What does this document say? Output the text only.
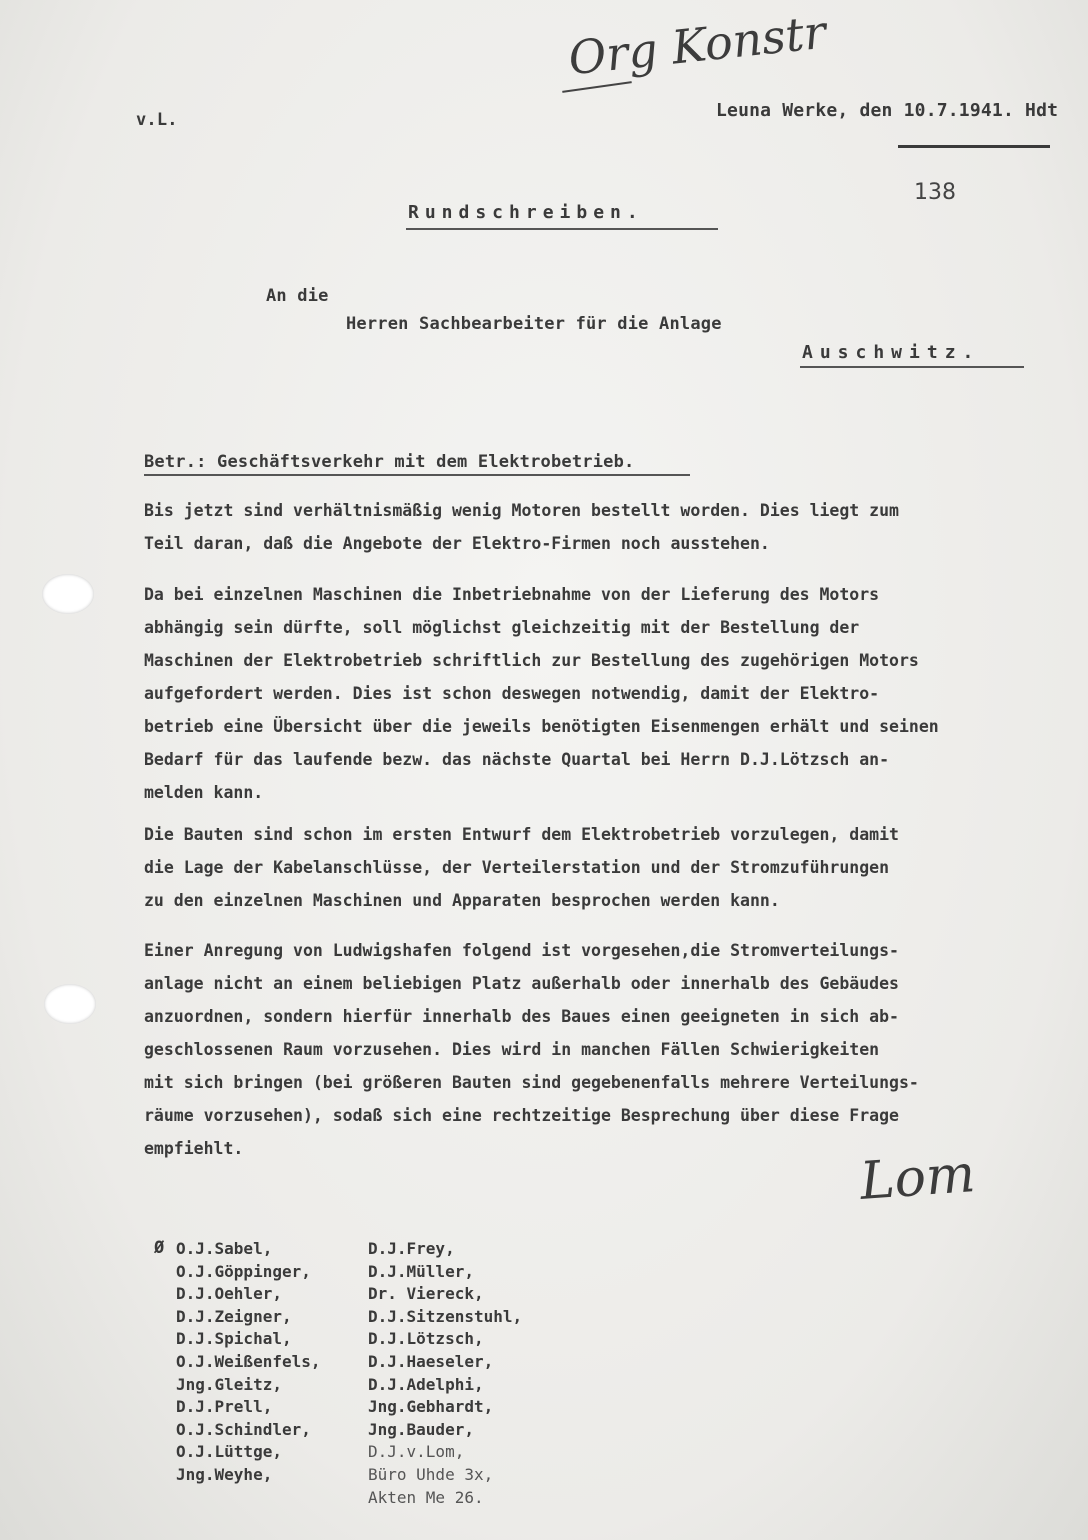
Org Konstr
v.L.	Leuna Werke, den 10.7.1941. Hdt
138
Rundschreiben.
An die
Herren Sachbearbeiter für die Anlage
Auschwitz.
Betr.: Geschäftsverkehr mit dem Elektrobetrieb.
Bis jetzt sind verhältnismäßig wenig Motoren bestellt worden. Dies liegt zum
Teil daran, daß die Angebote der Elektro-Firmen noch ausstehen.
Da bei einzelnen Maschinen die Inbetriebnahme von der Lieferung des Motors
abhängig sein dürfte, soll möglichst gleichzeitig mit der Bestellung der
Maschinen der Elektrobetrieb schriftlich zur Bestellung des zugehörigen Motors
aufgefordert werden. Dies ist schon deswegen notwendig, damit der Elektro-
betrieb eine Übersicht über die jeweils benötigten Eisenmengen erhält und seinen
Bedarf für das laufende bezw. das nächste Quartal bei Herrn D.J.Lötzsch an-
melden kann.
Die Bauten sind schon im ersten Entwurf dem Elektrobetrieb vorzulegen, damit
die Lage der Kabelanschlüsse, der Verteilerstation und der Stromzuführungen
zu den einzelnen Maschinen und Apparaten besprochen werden kann.
Einer Anregung von Ludwigshafen folgend ist vorgesehen,die Stromverteilungs-
anlage nicht an einem beliebigen Platz außerhalb oder innerhalb des Gebäudes
anzuordnen, sondern hierfür innerhalb des Baues einen geeigneten in sich ab-
geschlossenen Raum vorzusehen. Dies wird in manchen Fällen Schwierigkeiten
mit sich bringen (bei größeren Bauten sind gegebenenfalls mehrere Verteilungs-
räume vorzusehen), sodaß sich eine rechtzeitige Besprechung über diese Frage
empfiehlt.	Lom
Ø O.J.Sabel,
O.J.Göppinger,
D.J.Oehler,
D.J.Zeigner,
D.J.Spichal,
O.J.Weißenfels,
Jng.Gleitz,
D.J.Prell,
O.J.Schindler,
O.J.Lüttge,
Jng.Weyhe,
D.J.Frey,
D.J.Müller,
Dr. Viereck,
D.J.Sitzenstuhl,
D.J.Lötzsch,
D.J.Haeseler,
D.J.Adelphi,
Jng.Gebhardt,
Jng.Bauder,
D.J.v.Lom,
Büro Uhde 3x,
Akten Me 26.
